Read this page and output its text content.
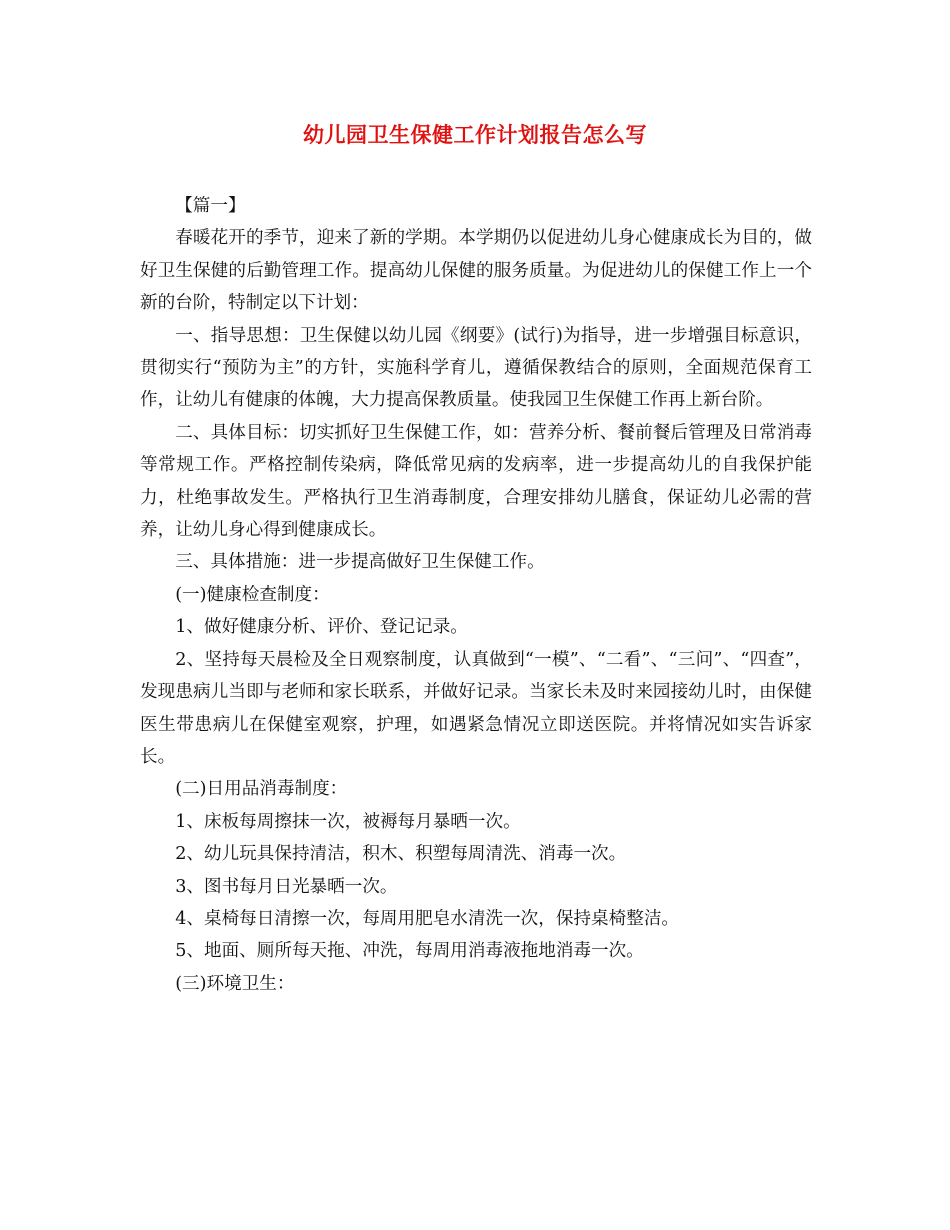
幼儿园卫生保健工作计划报告怎么写

【篇一】

春暖花开的季节，迎来了新的学期。本学期仍以促进幼儿身心健康成长为目的，做好卫生保健的后勤管理工作。提高幼儿保健的服务质量。为促进幼儿的保健工作上一个新的台阶，特制定以下计划：

一、指导思想：卫生保健以幼儿园《纲要》(试行)为指导，进一步增强目标意识，贯彻实行“预防为主”的方针，实施科学育儿，遵循保教结合的原则，全面规范保育工作，让幼儿有健康的体魄，大力提高保教质量。使我园卫生保健工作再上新台阶。

二、具体目标：切实抓好卫生保健工作，如：营养分析、餐前餐后管理及日常消毒等常规工作。严格控制传染病，降低常见病的发病率，进一步提高幼儿的自我保护能力，杜绝事故发生。严格执行卫生消毒制度，合理安排幼儿膳食，保证幼儿必需的营养，让幼儿身心得到健康成长。

三、具体措施：进一步提高做好卫生保健工作。

(一)健康检查制度：

1、做好健康分析、评价、登记记录。

2、坚持每天晨检及全日观察制度，认真做到“一模”、“二看”、“三问”、“四查”，发现患病儿当即与老师和家长联系，并做好记录。当家长未及时来园接幼儿时，由保健医生带患病儿在保健室观察，护理，如遇紧急情况立即送医院。并将情况如实告诉家长。

(二)日用品消毒制度：

1、床板每周擦抹一次，被褥每月暴晒一次。

2、幼儿玩具保持清洁，积木、积塑每周清洗、消毒一次。

3、图书每月日光暴晒一次。

4、桌椅每日清擦一次，每周用肥皂水清洗一次，保持桌椅整洁。

5、地面、厕所每天拖、冲洗，每周用消毒液拖地消毒一次。

(三)环境卫生：
